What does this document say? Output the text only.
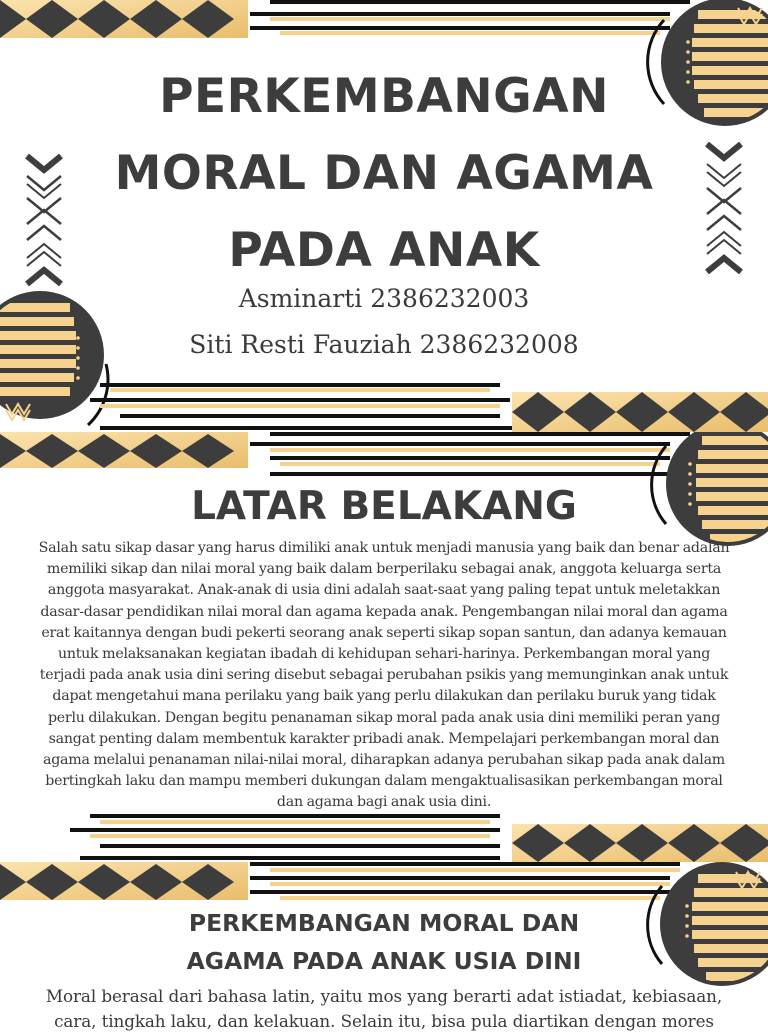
PERKEMBANGAN
MORAL DAN AGAMA
PADA ANAK

Asminarti 2386232003

Siti Resti Fauziah 2386232008

LATAR BELAKANG
Salah satu sikap dasar yang harus dimiliki anak untuk menjadi manusia yang baik dan benar adalah
memiliki sikap dan nilai moral yang baik dalam berperilaku sebagai anak, anggota keluarga serta
anggota masyarakat. Anak-anak di usia dini adalah saat-saat yang paling tepat untuk meletakkan
dasar-dasar pendidikan nilai moral dan agama kepada anak. Pengembangan nilai moral dan agama
erat kaitannya dengan budi pekerti seorang anak seperti sikap sopan santun, dan adanya kemauan
untuk melaksanakan kegiatan ibadah di kehidupan sehari-harinya. Perkembangan moral yang
terjadi pada anak usia dini sering disebut sebagai perubahan psikis yang memunginkan anak untuk
dapat mengetahui mana perilaku yang baik yang perlu dilakukan dan perilaku buruk yang tidak
perlu dilakukan. Dengan begitu penanaman sikap moral pada anak usia dini memiliki peran yang
sangat penting dalam membentuk karakter pribadi anak. Mempelajari perkembangan moral dan
agama melalui penanaman nilai-nilai moral, diharapkan adanya perubahan sikap pada anak dalam
bertingkah laku dan mampu memberi dukungan dalam mengaktualisasikan perkembangan moral
dan agama bagi anak usia dini.
PERKEMBANGAN MORAL DAN
AGAMA PADA ANAK USIA DINI
Moral berasal dari bahasa latin, yaitu mos yang berarti adat istiadat, kebiasaan,
cara, tingkah laku, dan kelakuan. Selain itu, bisa pula diartikan dengan mores
